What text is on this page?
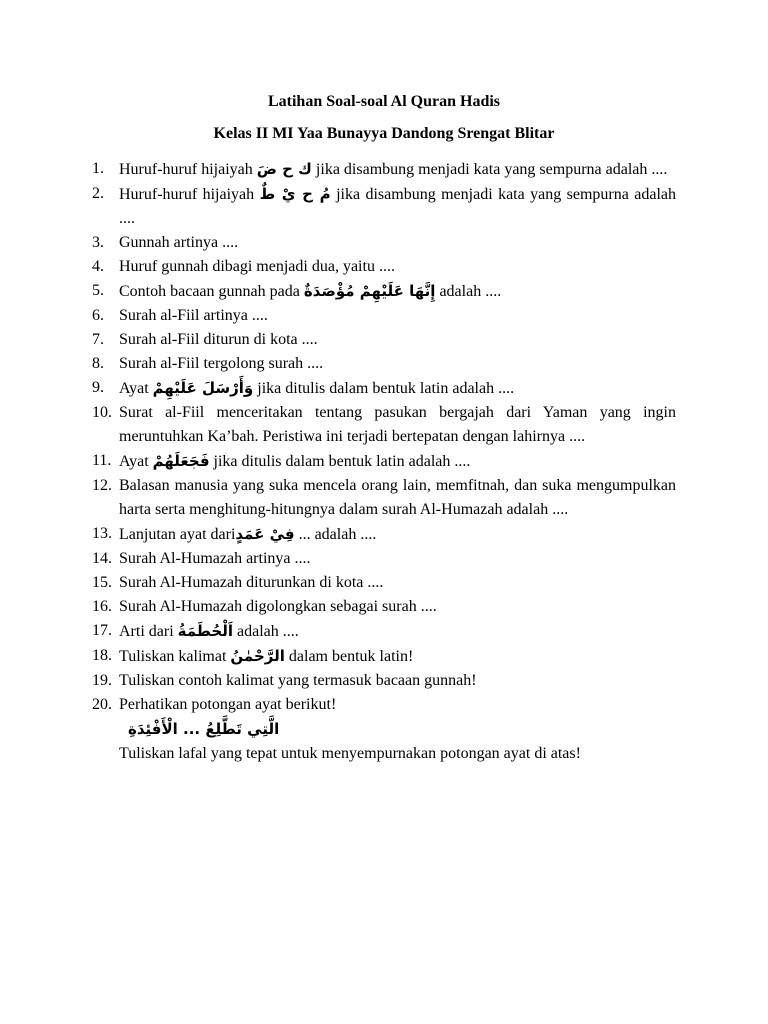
Latihan Soal-soal Al Quran Hadis
Kelas II MI Yaa Bunayya Dandong Srengat Blitar
1. Huruf-huruf hijaiyah ك ح ضَ jika disambung menjadi kata yang sempurna adalah ....
2. Huruf-huruf hijaiyah مُ ح يْ طٌ jika disambung menjadi kata yang sempurna adalah ....
3. Gunnah artinya ....
4. Huruf gunnah dibagi menjadi dua, yaitu ....
5. Contoh bacaan gunnah pada إِنَّهَا عَلَيْهِمْ مُؤْصَدَةٌ adalah ....
6. Surah al-Fiil artinya ....
7. Surah al-Fiil diturun di kota ....
8. Surah al-Fiil tergolong surah ....
9. Ayat وَأَرْسَلَ عَلَيْهِمْ jika ditulis dalam bentuk latin adalah ....
10. Surat al-Fiil menceritakan tentang pasukan bergajah dari Yaman yang ingin meruntuhkan Ka’bah. Peristiwa ini terjadi bertepatan dengan lahirnya ....
11. Ayat فَجَعَلَهُمْ jika ditulis dalam bentuk latin adalah ....
12. Balasan manusia yang suka mencela orang lain, memfitnah, dan suka mengumpulkan harta serta menghitung-hitungnya dalam surah Al-Humazah adalah ....
13. Lanjutan ayat dariفِيْ عَمَدٍ ... adalah ....
14. Surah Al-Humazah artinya ....
15. Surah Al-Humazah diturunkan di kota ....
16. Surah Al-Humazah digolongkan sebagai surah ....
17. Arti dari اَلْحُطَمَةُ adalah ....
18. Tuliskan kalimat الرَّحْمٰنُ dalam bentuk latin!
19. Tuliskan contoh kalimat yang termasuk bacaan gunnah!
20. Perhatikan potongan ayat berikut!
الَّتِي تَطَّلِعُ ... الْأَفْئِدَةِ
Tuliskan lafal yang tepat untuk menyempurnakan potongan ayat di atas!
